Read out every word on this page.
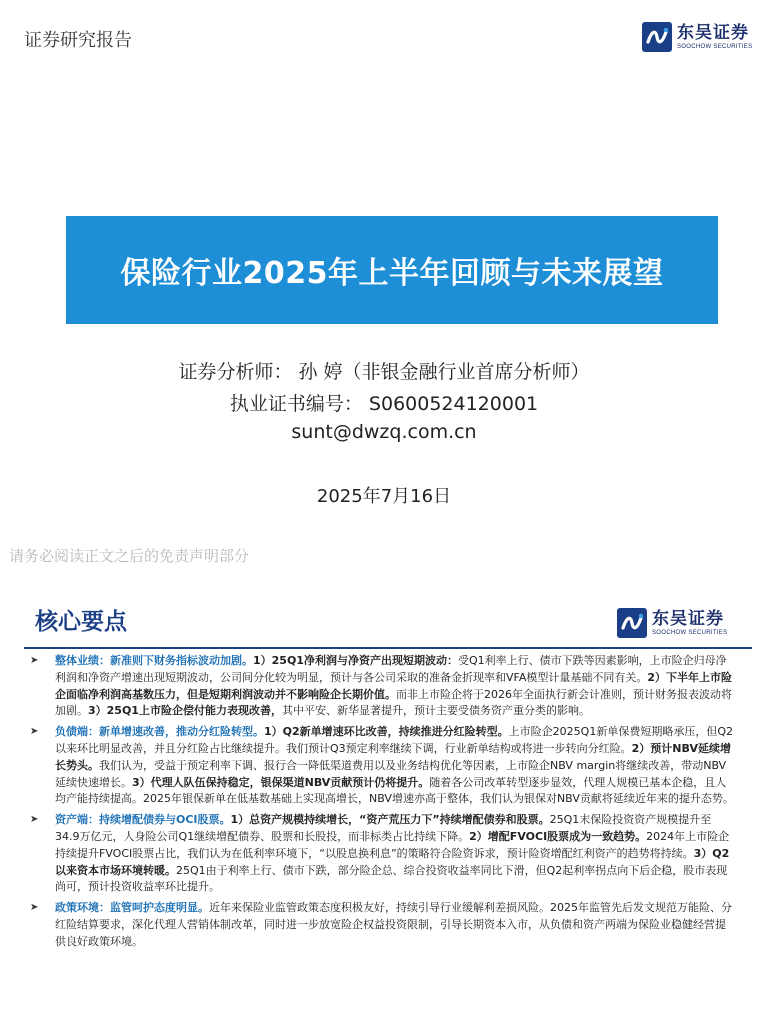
证券研究报告	东吴证券
SOOCHOW SECURITIES
保险行业2025年上半年回顾与未来展望
证券分析师： 孙 婷（非银金融行业首席分析师）
执业证书编号： S0600524120001
sunt@dwzq.com.cn
2025年7月16日
请务必阅读正文之后的免责声明部分
核心要点	东吴证券
SOOCHOW SECURITIES
➤ 整体业绩：新准则下财务指标波动加剧。1）25Q1净利润与净资产出现短期波动：受Q1利率上行、债市下跌等因素影响，上市险企归母净利润和净资产增速出现短期波动，公司间分化较为明显，预计与各公司采取的准备金折现率和VFA模型计量基础不同有关。2）下半年上市险企面临净利润高基数压力，但是短期利润波动并不影响险企长期价值。而非上市险企将于2026年全面执行新会计准则，预计财务报表波动将加剧。3）25Q1上市险企偿付能力表现改善，其中平安、新华显著提升，预计主要受债务资产重分类的影响。
➤ 负债端：新单增速改善，推动分红险转型。1）Q2新单增速环比改善，持续推进分红险转型。上市险企2025Q1新单保费短期略承压，但Q2以来环比明显改善，并且分红险占比继续提升。我们预计Q3预定利率继续下调，行业新单结构或将进一步转向分红险。2）预计NBV延续增长势头。我们认为，受益于预定利率下调、报行合一降低渠道费用以及业务结构优化等因素，上市险企NBV margin将继续改善，带动NBV延续快速增长。3）代理人队伍保持稳定，银保渠道NBV贡献预计仍将提升。随着各公司改革转型逐步显效，代理人规模已基本企稳，且人均产能持续提高。2025年银保新单在低基数基础上实现高增长，NBV增速亦高于整体，我们认为银保对NBV贡献将延续近年来的提升态势。
➤ 资产端：持续增配债券与OCI股票。1）总资产规模持续增长，“资产荒压力下”持续增配债券和股票。25Q1末保险投资资产规模提升至34.9万亿元，人身险公司Q1继续增配债券、股票和长股投，而非标类占比持续下降。2）增配FVOCI股票成为一致趋势。2024年上市险企持续提升FVOCI股票占比，我们认为在低利率环境下，“以股息换利息”的策略符合险资诉求，预计险资增配红利资产的趋势将持续。3）Q2以来资本市场环境转暖。25Q1由于利率上行、债市下跌，部分险企总、综合投资收益率同比下滑，但Q2起利率拐点向下后企稳，股市表现尚可，预计投资收益率环比提升。
➤ 政策环境：监管呵护态度明显。近年来保险业监管政策态度积极友好，持续引导行业缓解利差损风险。2025年监管先后发文规范万能险、分红险结算要求，深化代理人营销体制改革，同时进一步放宽险企权益投资限制，引导长期资本入市，从负债和资产两端为保险业稳健经营提供良好政策环境。
